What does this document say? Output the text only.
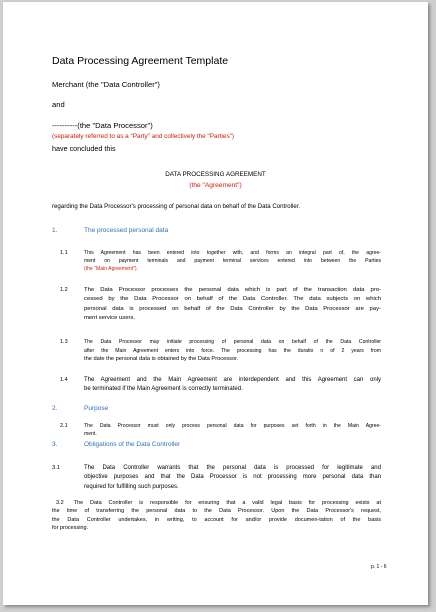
Data Processing Agreement Template
Merchant (the "Data Controller")
and
----------(the "Data Processor")
(separately referred to as a "Party" and collectively the "Parties")
have concluded this
DATA PROCESSING AGREEMENT
(the "Agreement")
regarding the Data Processor's processing of personal data on behalf of the Data Controller.
1.	The processed personal data
1.1	This Agreement has been entered into together with, and forms an integral part of, the agree-
ment on payment terminals and payment terminal services entered into between the Parties
(the "Main Agreement").
1.2	The Data Processor processes the personal data which is part of the transaction data pro-
cessed by the Data Processor on behalf of the Data Controller. The data subjects on which
personal data is processed on behalf of the Data Controller by the Data Processor are pay-
ment service users.
1.3	The Data Processor may initiate processing of personal data on behalf of the Data Controller
after the Main Agreement enters into force. The processing has the duratio n of 2 years from
the date the personal data is obtained by the Data Processor.
1.4	The Agreement and the Main Agreement are interdependent and this Agreement can only
be terminated if the Main Agreement is correctly terminated.
2.	Purpose
2.1	The Data Processor must only process personal data for purposes set forth in the Main Agree-
ment.
3.	Obligations of the Data Controller
3.1	The Data Controller warrants that the personal data is processed for legitimate and
objective purposes and that the Data Processor is not processing more personal data than
required for fulfilling such purposes.
3.2 The Data Controller is responsible for ensuring that a valid legal basis for processing exists at
the time of transferring the personal data to the Data Processor. Upon the Data Processor's request,
the Data Controller undertakes, in writing, to account for and/or provide documen-tation of the basis
for processing.
p. 1 - 6
